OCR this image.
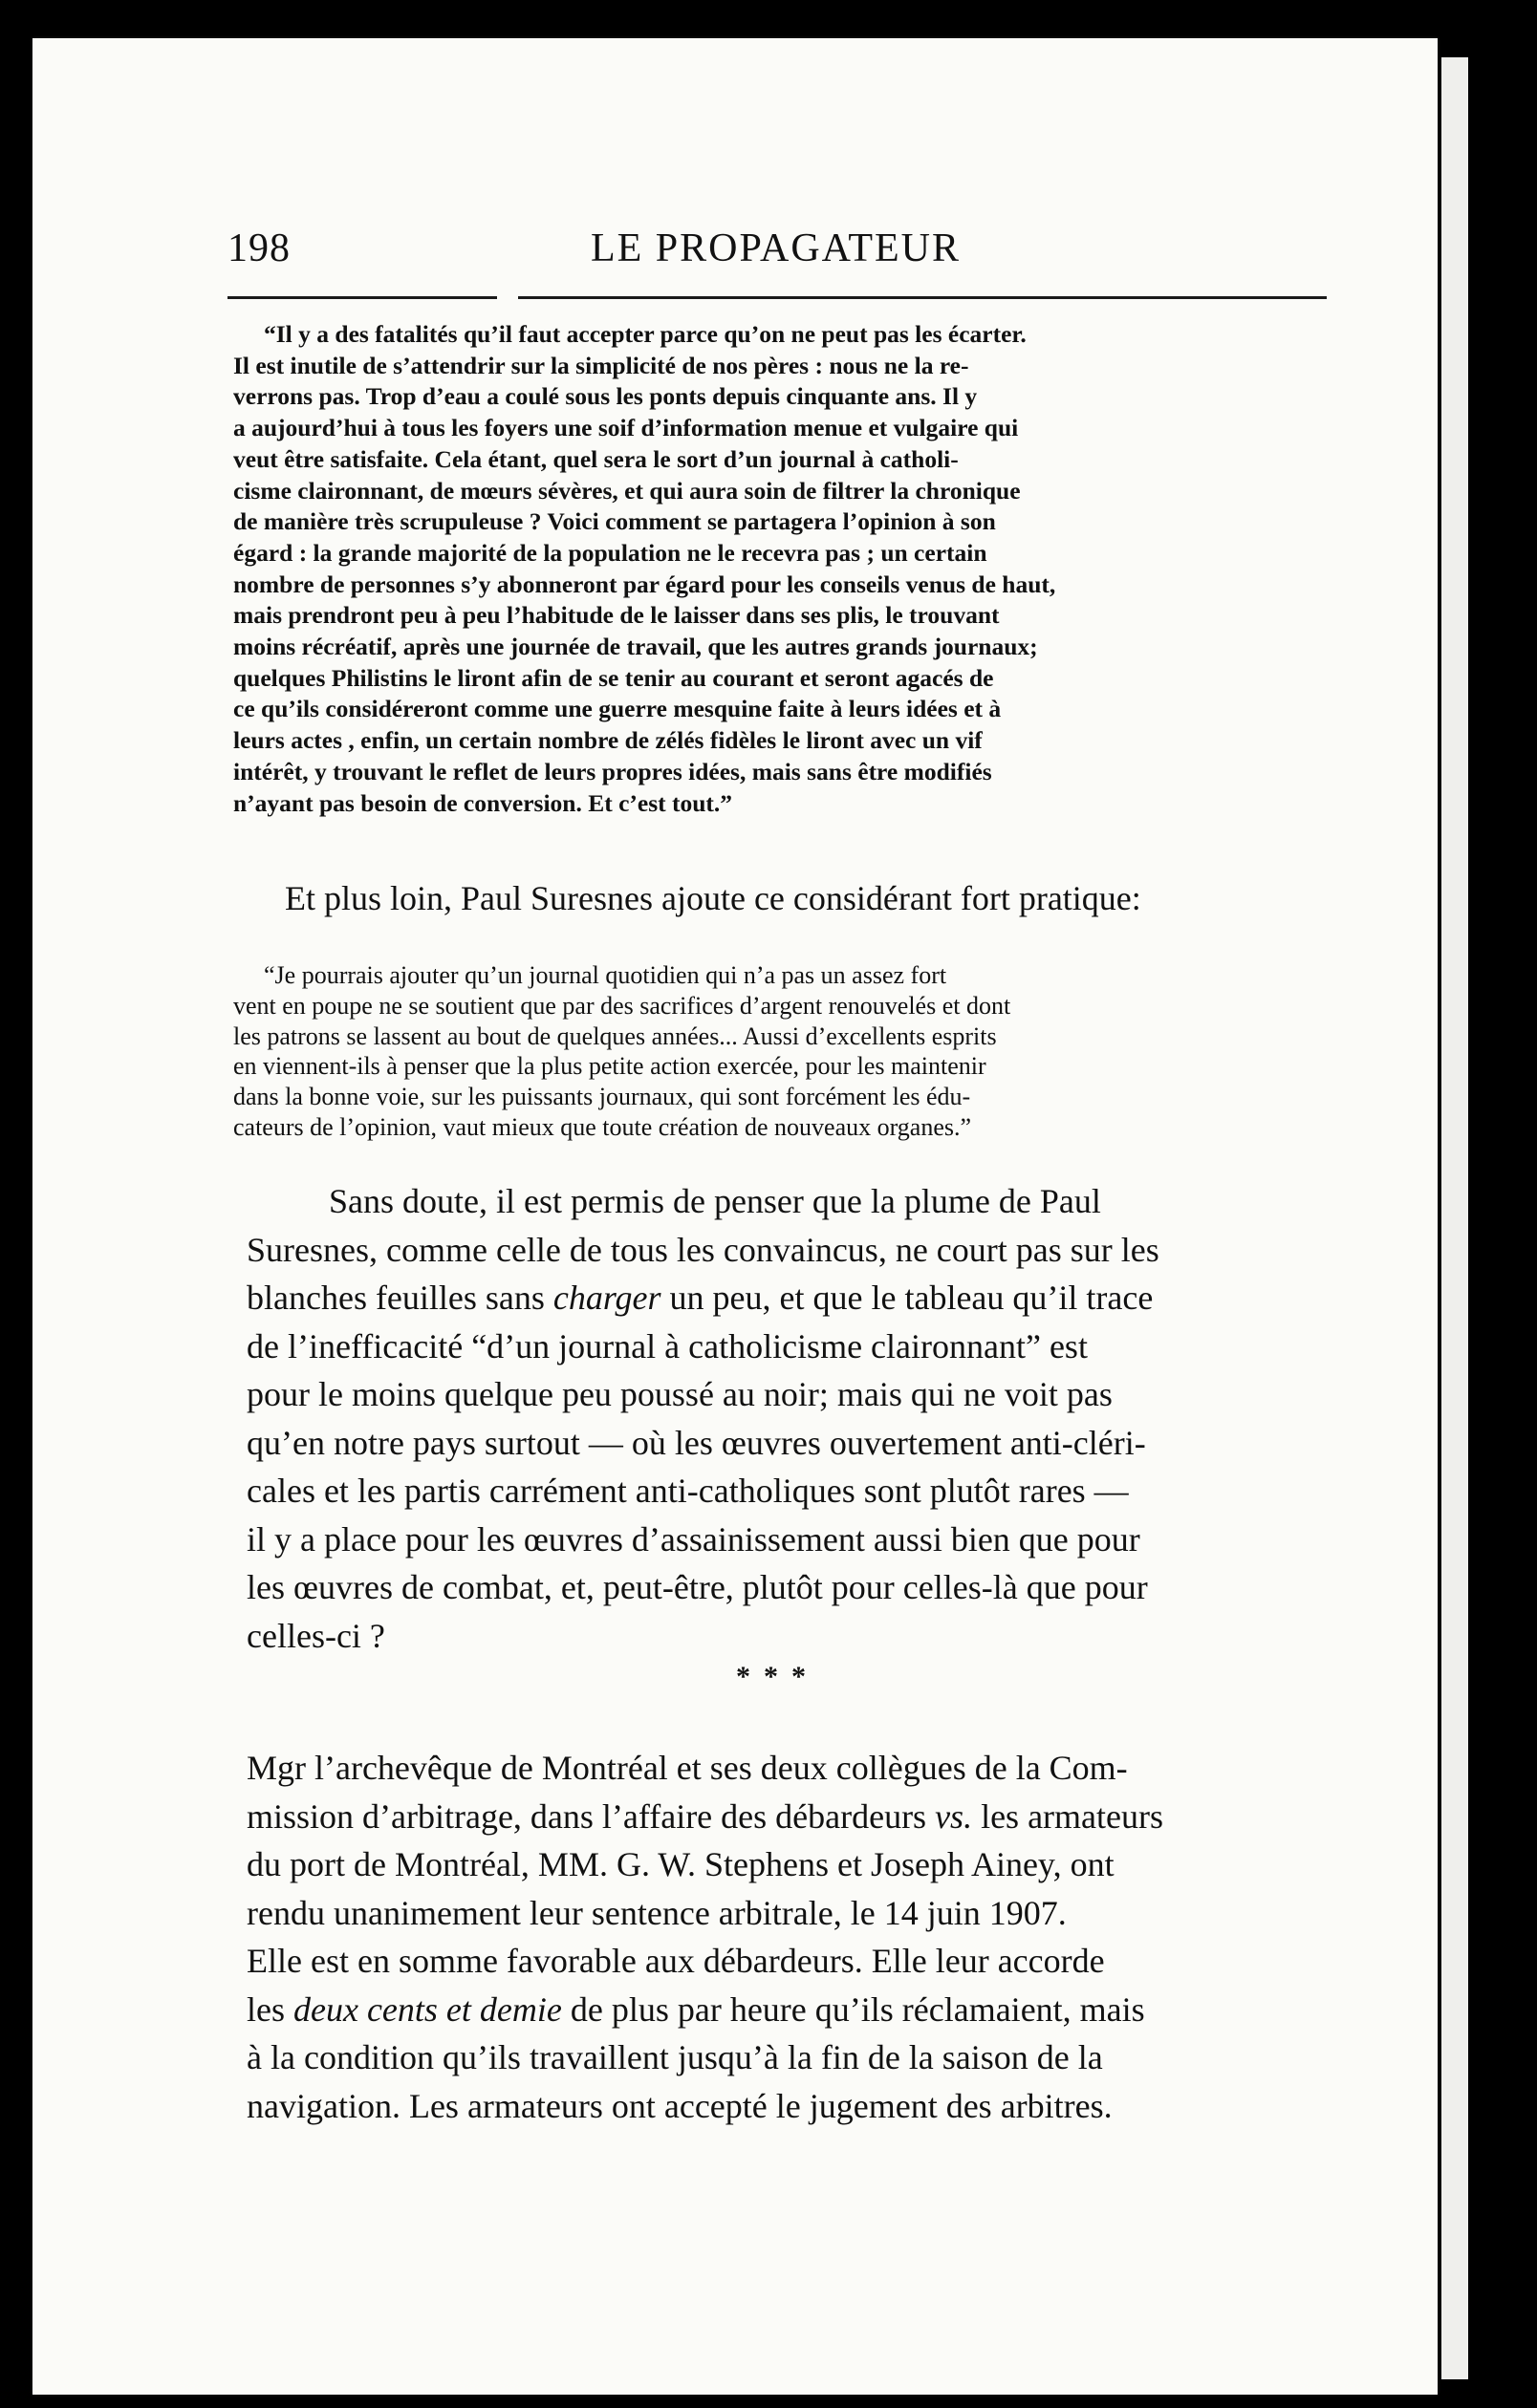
198	LE PROPAGATEUR
“Il y a des fatalités qu’il faut accepter parce qu’on ne peut pas les écarter.
Il est inutile de s’attendrir sur la simplicité de nos pères : nous ne la re-
verrons pas. Trop d’eau a coulé sous les ponts depuis cinquante ans. Il y
a aujourd’hui à tous les foyers une soif d’information menue et vulgaire qui
veut être satisfaite. Cela étant, quel sera le sort d’un journal à catholi-
cisme claironnant, de mœurs sévères, et qui aura soin de filtrer la chronique
de manière très scrupuleuse ? Voici comment se partagera l’opinion à son
égard : la grande majorité de la population ne le recevra pas ; un certain
nombre de personnes s’y abonneront par égard pour les conseils venus de haut,
mais prendront peu à peu l’habitude de le laisser dans ses plis, le trouvant
moins récréatif, après une journée de travail, que les autres grands journaux;
quelques Philistins le liront afin de se tenir au courant et seront agacés de
ce qu’ils considéreront comme une guerre mesquine faite à leurs idées et à
leurs actes , enfin, un certain nombre de zélés fidèles le liront avec un vif
intérêt, y trouvant le reflet de leurs propres idées, mais sans être modifiés
n’ayant pas besoin de conversion. Et c’est tout.”
Et plus loin, Paul Suresnes ajoute ce considérant fort pratique:
“Je pourrais ajouter qu’un journal quotidien qui n’a pas un assez fort
vent en poupe ne se soutient que par des sacrifices d’argent renouvelés et dont
les patrons se lassent au bout de quelques années... Aussi d’excellents esprits
en viennent-ils à penser que la plus petite action exercée, pour les maintenir
dans la bonne voie, sur les puissants journaux, qui sont forcément les édu-
cateurs de l’opinion, vaut mieux que toute création de nouveaux organes.”
Sans doute, il est permis de penser que la plume de Paul
Suresnes, comme celle de tous les convaincus, ne court pas sur les
blanches feuilles sans charger un peu, et que le tableau qu’il trace
de l’inefficacité “d’un journal à catholicisme claironnant” est
pour le moins quelque peu poussé au noir; mais qui ne voit pas
qu’en notre pays surtout — où les œuvres ouvertement anti-cléri-
cales et les partis carrément anti-catholiques sont plutôt rares —
il y a place pour les œuvres d’assainissement aussi bien que pour
les œuvres de combat, et, peut-être, plutôt pour celles-là que pour
celles-ci ?
***
Mgr l’archevêque de Montréal et ses deux collègues de la Com-
mission d’arbitrage, dans l’affaire des débardeurs vs. les armateurs
du port de Montréal, MM. G. W. Stephens et Joseph Ainey, ont
rendu unanimement leur sentence arbitrale, le 14 juin 1907.
Elle est en somme favorable aux débardeurs. Elle leur accorde
les deux cents et demie de plus par heure qu’ils réclamaient, mais
à la condition qu’ils travaillent jusqu’à la fin de la saison de la
navigation. Les armateurs ont accepté le jugement des arbitres.
